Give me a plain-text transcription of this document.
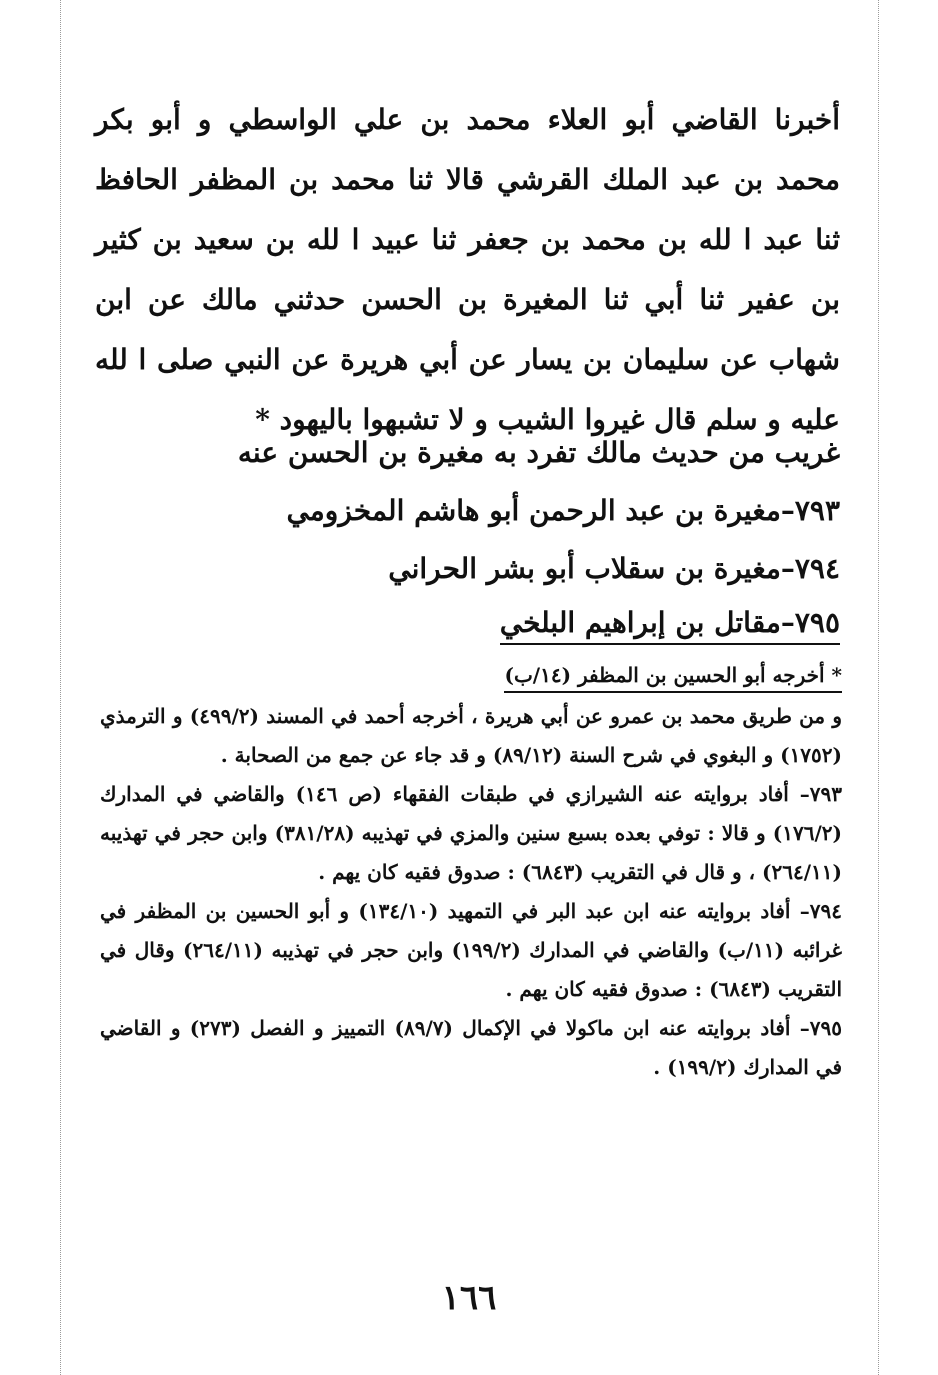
أخبرنا القاضي أبو العلاء محمد بن علي الواسطي و أبو بكر محمد بن عبد الملك القرشي قالا ثنا محمد بن المظفر الحافظ ثنا عبد ا لله بن محمد بن جعفر ثنا عبيد ا لله بن سعيد بن كثير بن عفير ثنا أبي ثنا المغيرة بن الحسن حدثني مالك عن ابن شهاب عن سليمان بن يسار عن أبي هريرة عن النبي صلى ا لله عليه و سلم قال غيروا الشيب و لا تشبهوا باليهود *

غريب من حديث مالك تفرد به مغيرة بن الحسن عنه
٧٩٣–مغيرة بن عبد الرحمن أبو هاشم المخزومي
٧٩٤–مغيرة بن سقلاب أبو بشر الحراني
٧٩٥–مقاتل بن إبراهيم البلخي

* أخرجه أبو الحسين بن المظفر (١٤/ب)

و من طريق محمد بن عمرو عن أبي هريرة ، أخرجه أحمد في المسند (٤٩٩/٢) و الترمذي (١٧٥٢) و البغوي في شرح السنة (٨٩/١٢) و قد جاء عن جمع من الصحابة .

٧٩٣– أفاد بروايته عنه الشيرازي في طبقات الفقهاء (ص ١٤٦) والقاضي في المدارك (١٧٦/٢) و قالا : توفي بعده بسبع سنين والمزي في تهذيبه (٣٨١/٢٨) وابن حجر في تهذيبه (٢٦٤/١١) ، و قال في التقريب (٦٨٤٣) : صدوق فقيه كان يهم .

٧٩٤– أفاد بروايته عنه ابن عبد البر في التمهيد (١٣٤/١٠) و أبو الحسين بن المظفر في غرائبه (١١/ب) والقاضي في المدارك (١٩٩/٢) وابن حجر في تهذيبه (٢٦٤/١١) وقال في التقريب (٦٨٤٣) : صدوق فقيه كان يهم .

٧٩٥– أفاد بروايته عنه ابن ماكولا في الإكمال (٨٩/٧) التمييز و الفصل (٢٧٣) و القاضي في المدارك (١٩٩/٢) .

١٦٦
